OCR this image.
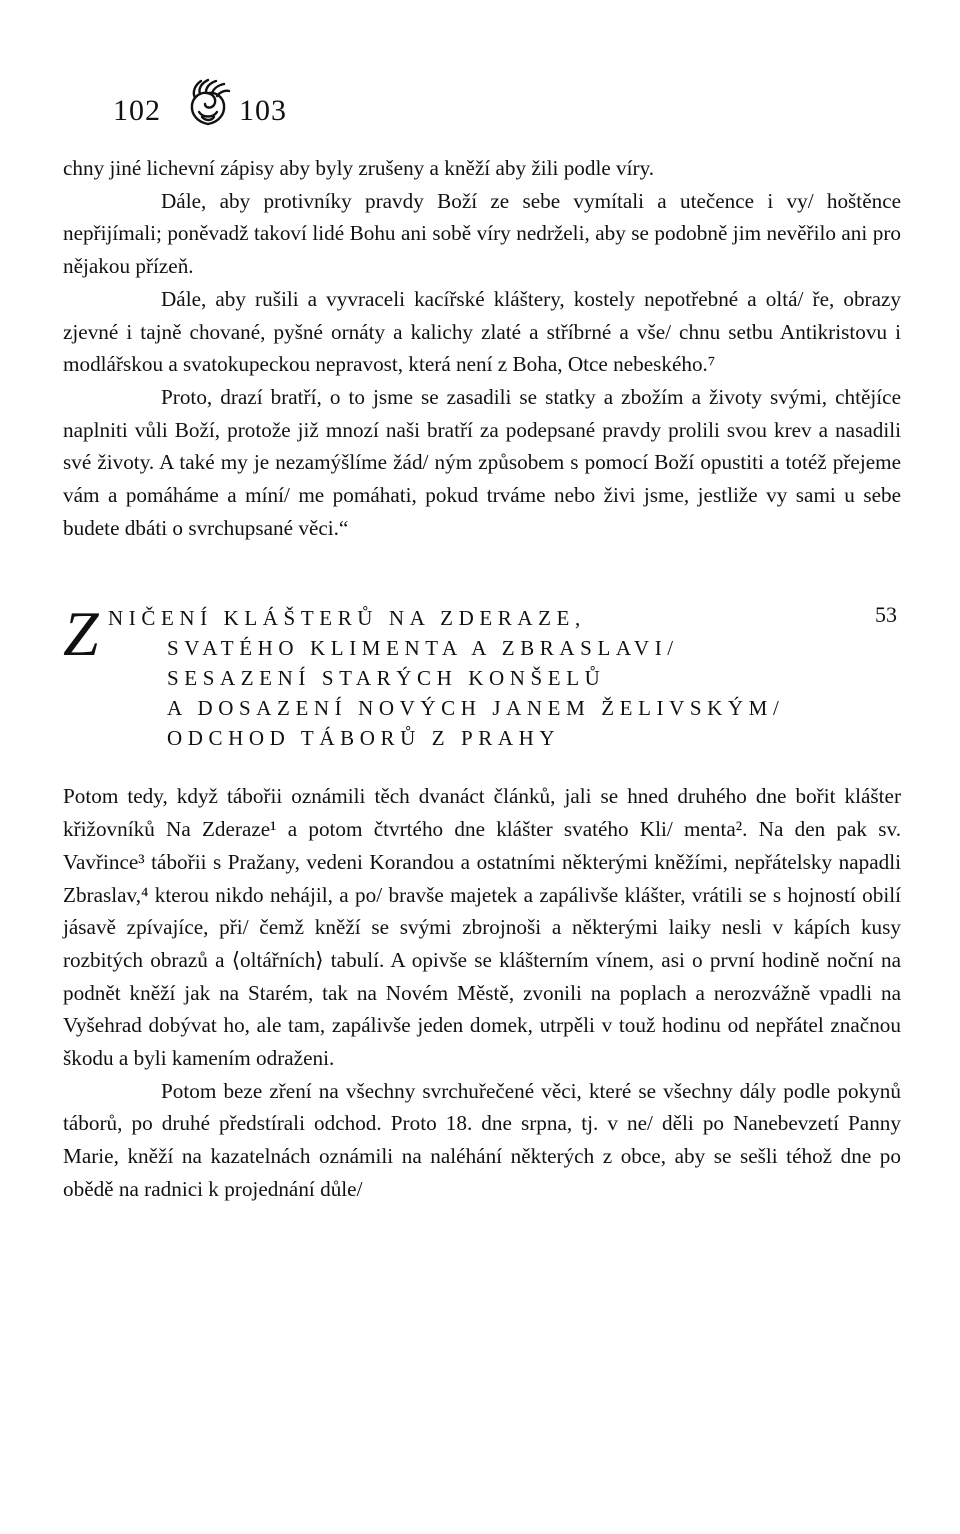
102	103

chny jiné lichevní zápisy aby byly zrušeny a kněží aby žili podle víry.

Dále, aby protivníky pravdy Boží ze sebe vymítali a utečence i vy/ hoštěnce nepřijímali; poněvadž takoví lidé Bohu ani sobě víry nedrželi, aby se podobně jim nevěřilo ani pro nějakou přízeň.

Dále, aby rušili a vyvraceli kacířské kláštery, kostely nepotřebné a oltá/ ře, obrazy zjevné i tajně chované, pyšné ornáty a kalichy zlaté a stříbrné a vše/ chnu setbu Antikristovu i modlářskou a svatokupeckou nepravost, která není z Boha, Otce nebeského.⁷

Proto, drazí bratří, o to jsme se zasadili se statky a zbožím a životy svými, chtějíce naplniti vůli Boží, protože již mnozí naši bratří za podepsané pravdy prolili svou krev a nasadili své životy. A také my je nezamýšlíme žád/ ným způsobem s pomocí Boží opustiti a totéž přejeme vám a pomáháme a míní/ me pomáhati, pokud trváme nebo živi jsme, jestliže vy sami u sebe budete dbáti o svrchupsané věci.“

Z NIČENÍ KLÁŠTERŮ NA ZDERAZE,
SVATÉHO KLIMENTA A ZBRASLAVI/
SESAZENÍ STARÝCH KONŠELŮ
A DOSAZENÍ NOVÝCH JANEM ŽELIVSKÝM/
ODCHOD TÁBORŮ Z PRAHY
53

Potom tedy, když tábořii oznámili těch dvanáct článků, jali se hned druhého dne bořit klášter křižovníků Na Zderaze¹ a potom čtvrtého dne klášter svatého Kli/ menta². Na den pak sv. Vavřince³ tábořii s Pražany, vedeni Korandou a ostatními některými kněžími, nepřátelsky napadli Zbraslav,⁴ kterou nikdo nehájil, a po/ bravše majetek a zapálivše klášter, vrátili se s hojností obilí jásavě zpívajíce, při/ čemž kněží se svými zbrojnoši a některými laiky nesli v kápích kusy rozbitých obrazů a ⟨oltářních⟩ tabulí. A opivše se klášterním vínem, asi o první hodině noční na podnět kněží jak na Starém, tak na Novém Městě, zvonili na poplach a nerozvážně vpadli na Vyšehrad dobývat ho, ale tam, zapálivše jeden domek, utrpěli v touž hodinu od nepřátel značnou škodu a byli kamením odraženi.

Potom beze zření na všechny svrchuřečené věci, které se všechny dály podle pokynů táborů, po druhé předstírali odchod. Proto 18. dne srpna, tj. v ne/ děli po Nanebevzetí Panny Marie, kněží na kazatelnách oznámili na naléhání některých z obce, aby se sešli téhož dne po obědě na radnici k projednání důle/
